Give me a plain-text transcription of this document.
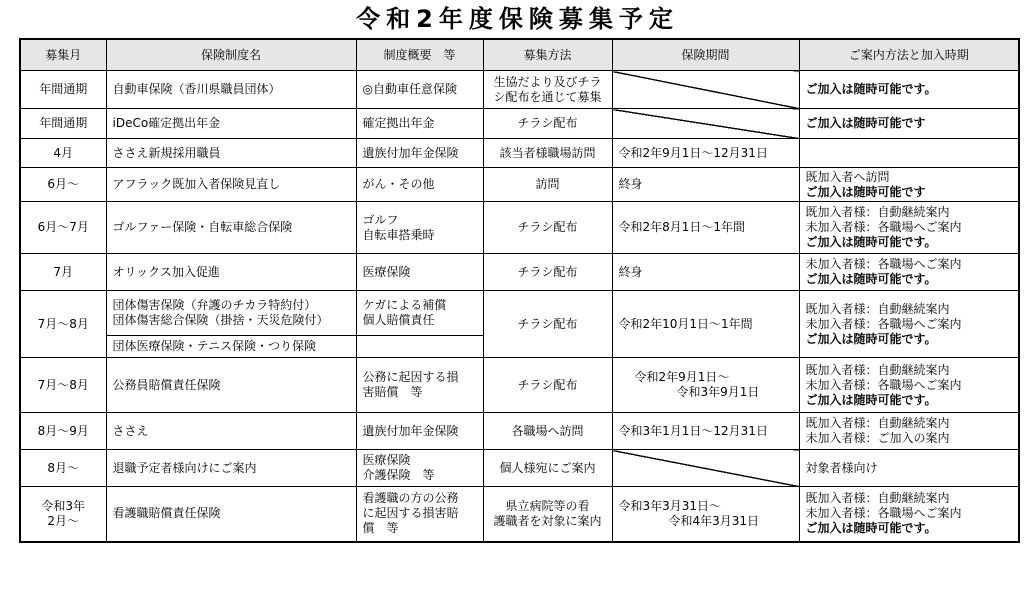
令和2年度保険募集予定
募集月	保険制度名	制度概要　等	募集方法	保険期間	ご案内方法と加入時期
年間通期	自動車保険（香川県職員団体）	◎自動車任意保険	生協だより及びチラ
シ配布を通じて募集		ご加入は随時可能です。
年間通期	iDeCo確定拠出年金	確定拠出年金	チラシ配布		ご加入は随時可能です
4月	ささえ新規採用職員	遺族付加年金保険	該当者様職場訪問	令和2年9月1日～12月31日	
6月～	アフラック既加入者保険見直し	がん・その他	訪問	終身	既加入者へ訪問
ご加入は随時可能です

6月～7月	ゴルファー保険・自転車総合保険	ゴルフ
自転車搭乗時	チラシ配布	令和2年8月1日～1年間	既加入者様：自動継続案内
未加入者様：各職場へご案内
ご加入は随時可能です。

7月	オリックス加入促進	医療保険	チラシ配布	終身	未加入者様：各職場へご案内
ご加入は随時可能です。

7月～8月	団体傷害保険（弁護のチカラ特約付）
団体傷害総合保険（掛捨・天災危険付）	ケガによる補償
個人賠償責任	チラシ配布	令和2年10月1日～1年間	既加入者様：自動継続案内
未加入者様：各職場へご案内
ご加入は随時可能です。

	団体医療保険・テニス保険・つり保険				
7月～8月	公務員賠償責任保険	公務に起因する損
害賠償　等	チラシ配布	令和2年9月1日～
令和3年9月1日	既加入者様：自動継続案内
未加入者様：各職場へご案内
ご加入は随時可能です。

8月～9月	ささえ	遺族付加年金保険	各職場へ訪問	令和3年1月1日～12月31日	既加入者様：自動継続案内
未加入者様：ご加入の案内

8月～	退職予定者様向けにご案内	医療保険
介護保険　等	個人様宛にご案内		対象者様向け

令和3年
2月～	看護職賠償責任保険	看護職の方の公務
に起因する損害賠
償　等	県立病院等の看
護職者を対象に案内	令和3年3月31日～
令和4年3月31日	既加入者様：自動継続案内
未加入者様：各職場へご案内
ご加入は随時可能です。
